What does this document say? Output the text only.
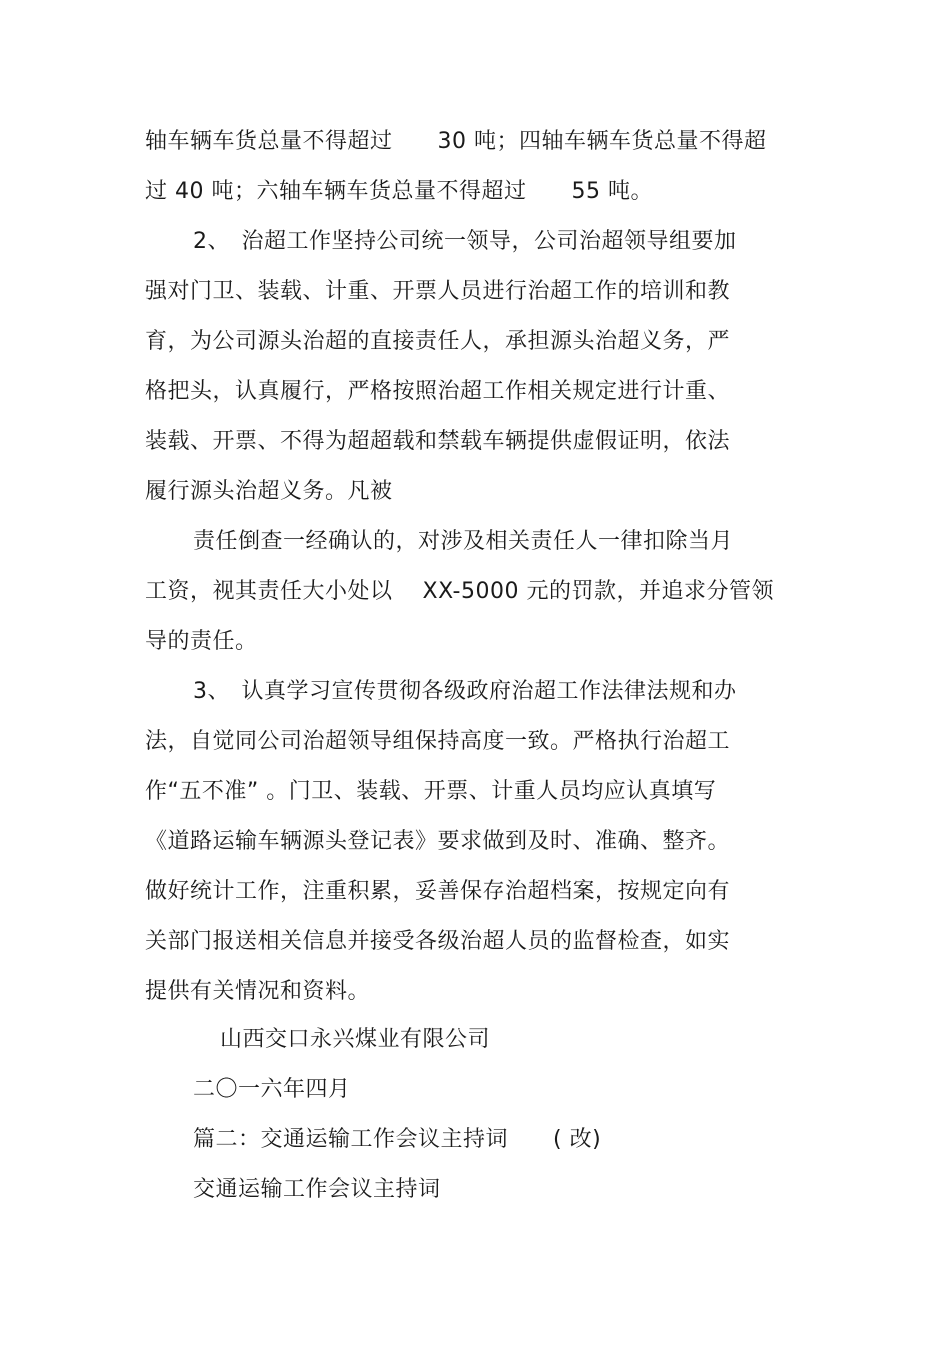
轴车辆车货总量不得超过　　30 吨；四轴车辆车货总量不得超
过 40 吨；六轴车辆车货总量不得超过　　55 吨。
2、　治超工作坚持公司统一领导，公司治超领导组要加
强对门卫、装载、计重、开票人员进行治超工作的培训和教
育，为公司源头治超的直接责任人，承担源头治超义务，严
格把头，认真履行，严格按照治超工作相关规定进行计重、
装载、开票、不得为超超载和禁载车辆提供虚假证明，依法
履行源头治超义务。凡被
责任倒查一经确认的，对涉及相关责任人一律扣除当月
工资，视其责任大小处以　 XX-5000 元的罚款，并追求分管领
导的责任。
3、　认真学习宣传贯彻各级政府治超工作法律法规和办
法，自觉同公司治超领导组保持高度一致。严格执行治超工
作“五不准” 。门卫、装载、开票、计重人员均应认真填写
《道路运输车辆源头登记表》要求做到及时、准确、整齐。
做好统计工作，注重积累，妥善保存治超档案，按规定向有
关部门报送相关信息并接受各级治超人员的监督检查，如实
提供有关情况和资料。
山西交口永兴煤业有限公司
二〇一六年四月
篇二：交通运输工作会议主持词　　( 改)
交通运输工作会议主持词
